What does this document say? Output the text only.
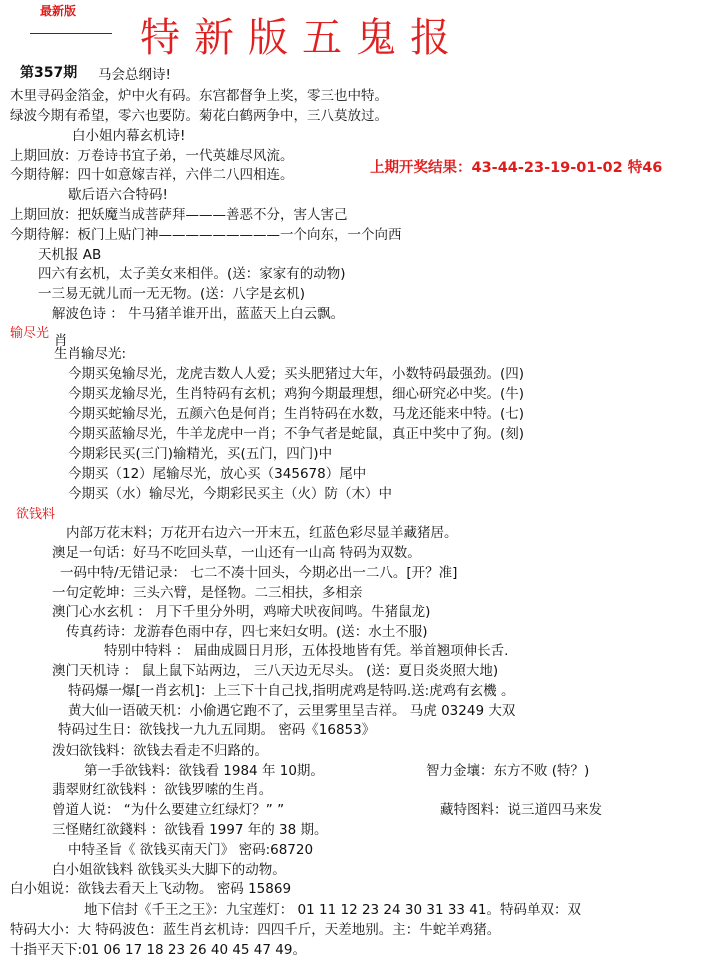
最新版
特新版五鬼报
第357期
上期开奖结果：43-44-23-19-01-02 特46
输尽光
欲钱料
马会总纲诗!
木里寻码金箔金，炉中火有码。东宫都督争上奖，零三也中特。
绿波今期有希望，零六也要防。菊花白鹤两争中，三八莫放过。
白小姐内幕玄机诗!
上期回放：万卷诗书宜子弟，一代英雄尽风流。
今期待解：四十如意嫁吉祥，六伴二八四相连。
歇后语六合特码!
上期回放：把妖魔当成菩萨拜———善恶不分，害人害己
今期待解：板门上贴门神—————————一个向东，一个向西
天机报 AB
四六有玄机，太子美女来相伴。(送：家家有的动物)
一三易无就儿而一无无物。(送：八字是玄机)
解波色诗 ： 牛马猪羊谁开出，蓝蓝天上白云飘。
肖
生肖输尽光:
今期买兔输尽光，龙虎吉数人人爱；买头肥猪过大年，小数特码最强劲。(四)
今期买龙输尽光，生肖特码有玄机；鸡狗今期最理想，细心研究必中奖。(牛)
今期买蛇输尽光，五颜六色是何肖；生肖特码在水数，马龙还能来中特。(七)
今期买蓝输尽光，牛羊龙虎中一肖；不争气者是蛇鼠，真正中奖中了狗。(刻)
今期彩民买(三门)输精光，买(五门，四门)中
今期买（12）尾输尽光，放心买（345678）尾中
今期买（水）输尽光，今期彩民买主（火）防（木）中
内部万花末料；万花开右边六一开末五，红蓝色彩尽显羊藏猪居。
澳足一句话：好马不吃回头草，一山还有一山高 特码为双数。
一码中特/无错记录： 七二不凑十回头，今期必出一二八。[开？准]
一句定乾坤：三头六臂，是怪物。二三相扶，多相亲
澳门心水玄机 ： 月下千里分外明，鸡啼犬吠夜间鸣。牛猪鼠龙)
传真药诗：龙游春色雨中存，四七来妇女明。(送：水土不服)
特别中特料 ： 届曲成圆日月形，五体投地皆有凭。举首翘项伸长舌.
澳门天机诗 ： 鼠上鼠下站两边， 三八天边无尽头。 (送：夏日炎炎照大地)
特码爆一爆[一肖玄机]：上三下十自己找,指明虎鸡是特吗.送:虎鸡有玄機 。
黄大仙一语破天机：小偷遇它跑不了，云里雾里呈吉祥。 马虎 03249 大双
特码过生日：欲钱找一九九五同期。 密码《16853》
泼妇欲钱料：欲钱去看走不归路的。
第一手欲钱料：欲钱看 1984 年 10期。	智力金壤：东方不败 (特？)
翡翠财红欲钱料 ：欲钱罗嗦的生肖。
曾道人说： “为什么要建立红绿灯？” ”	藏特图料：说三道四马来发
三怪赌红欲錢料 ：欲钱看 1997 年的 38 期。
中特圣旨《 欲钱买南天门》 密码:68720
白小姐欲钱料 欲钱买头大脚下的动物。
白小姐说：欲钱去看天上飞动物。 密码 15869
地下信封《千王之王》：九宝莲灯： 01 11 12 23 24 30 31 33 41。特码单双：双
特码大小：大 特码波色：蓝生肖玄机诗：四四千斤，天差地别。主：牛蛇羊鸡猪。
十指平天下:01 06 17 18 23 26 40 45 47 49。
